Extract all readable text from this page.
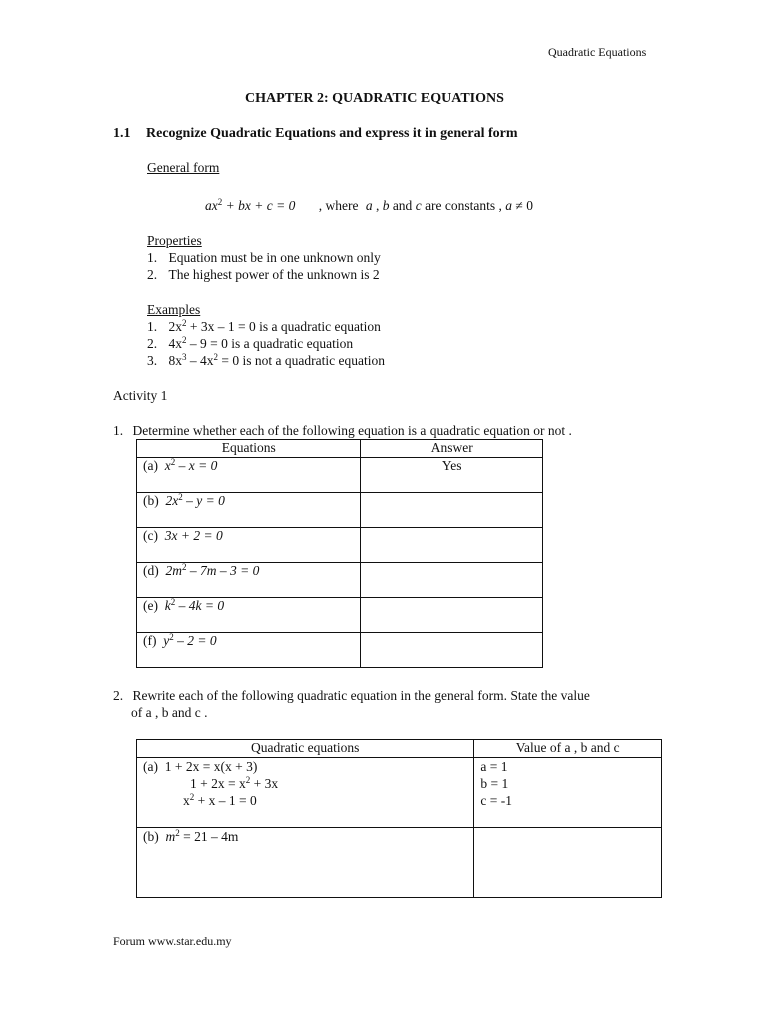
Quadratic Equations
CHAPTER 2: QUADRATIC EQUATIONS
1.1 Recognize Quadratic Equations and express it in general form
General form
$ax^2$ + bx + c = 0 , where a , b and c are constants , a ≠ 0
Properties
1. Equation must be in one unknown only
2. The highest power of the unknown is 2
Examples
1. $2x^2 + 3x - 1 = 0$ is a quadratic equation
2. $4x^2 - 9 = 0$ is a quadratic equation
3. $8x^3 - 4x^2 = 0$ is not a quadratic equation
Activity 1
1. Determine whether each of the following equation is a quadratic equation or not .
Equations	Answer
(a) $x^2 - x = 0$	Yes
(b) $2x^2 - y = 0$	
(c) 3x + 2 = 0	
(d) $2m^2 - 7m - 3 = 0$	
(e) $k^2 - 4k = 0$	
(f) $y^2 - 2 = 0$	
2. Rewrite each of the following quadratic equation in the general form. State the value
of a , b and c .
Quadratic equations	Value of a , b and c

(a) 1 + 2x = x(x + 3)
$1 + 2x = x^2 + 3x$
$x^2 + x - 1 = 0$	a = 1
b = 1
c = -1

(b) $m^2 = 21 - 4m$	

Forum www.star.edu.my
